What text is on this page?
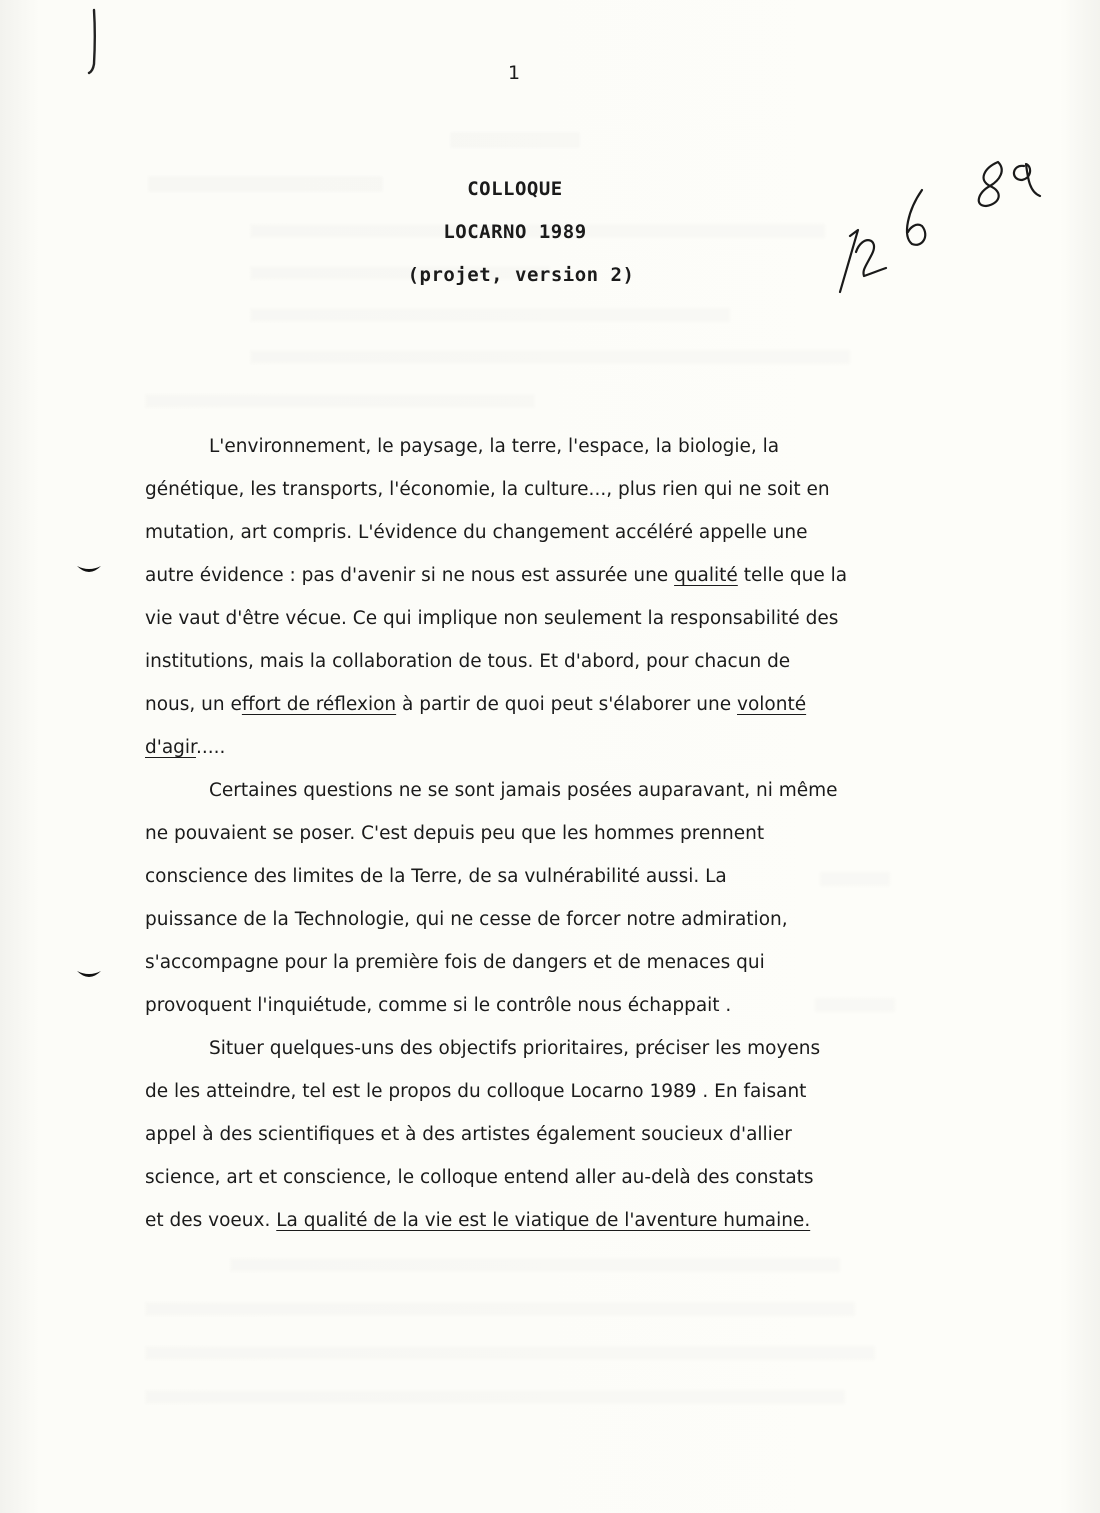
1
COLLOQUE
LOCARNO 1989
(projet, version 2)
L'environnement, le paysage, la terre, l'espace, la biologie, la
génétique, les transports, l'économie, la culture..., plus rien qui ne soit en
mutation, art compris. L'évidence du changement accéléré appelle une
autre évidence : pas d'avenir si ne nous est assurée une qualité telle que la
vie vaut d'être vécue. Ce qui implique non seulement la responsabilité des
institutions, mais la collaboration de tous. Et d'abord, pour chacun de
nous, un effort de réflexion à partir de quoi peut s'élaborer une volonté
d'agir.....
Certaines questions ne se sont jamais posées auparavant, ni même
ne pouvaient se poser. C'est depuis peu que les hommes prennent
conscience des limites de la Terre, de sa vulnérabilité aussi. La
puissance de la Technologie, qui ne cesse de forcer notre admiration,
s'accompagne pour la première fois de dangers et de menaces qui
provoquent l'inquiétude, comme si le contrôle nous échappait .
Situer quelques-uns des objectifs prioritaires, préciser les moyens
de les atteindre, tel est le propos du colloque Locarno 1989 . En faisant
appel à des scientifiques et à des artistes également soucieux d'allier
science, art et conscience, le colloque entend aller au-delà des constats
et des voeux. La qualité de la vie est le viatique de l'aventure humaine.
